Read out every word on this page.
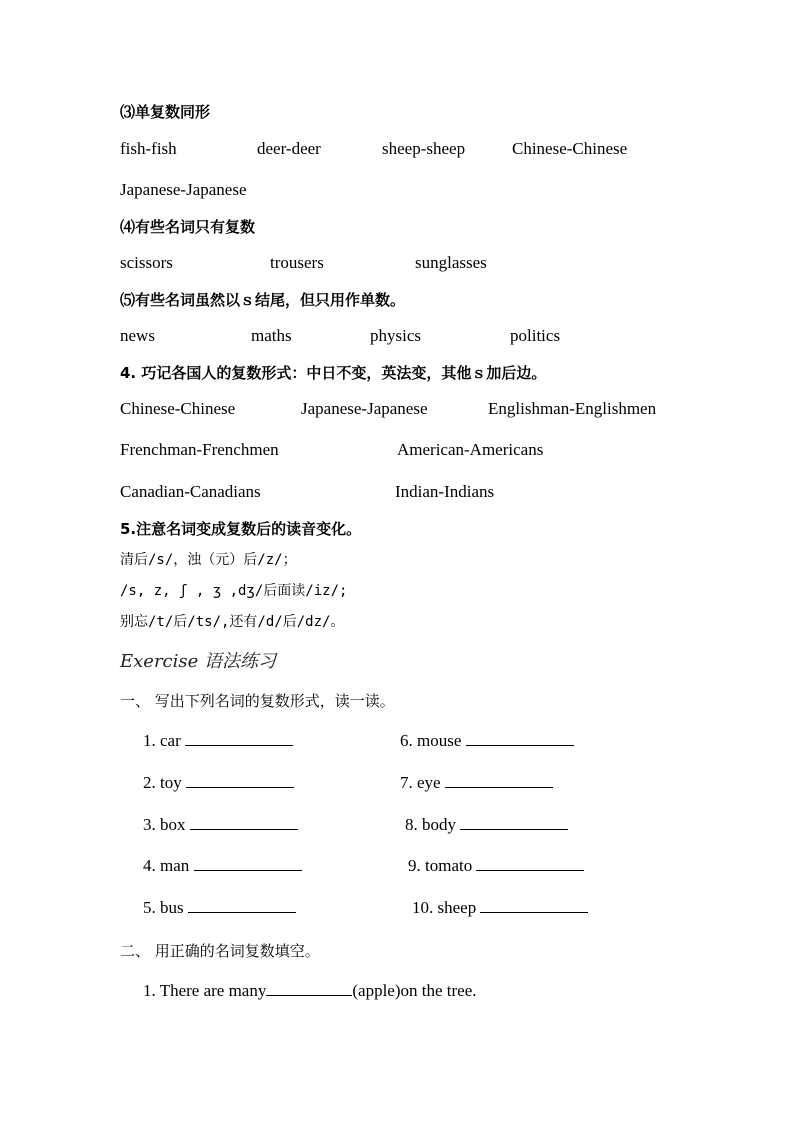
⑶单复数同形
fish-fish	deer-deer	sheep-sheep	Chinese-Chinese
Japanese-Japanese
⑷有些名词只有复数
scissors	trousers	sunglasses
⑸有些名词虽然以ｓ结尾，但只用作单数。
news	maths	physics	politics
4. 巧记各国人的复数形式：中日不变，英法变，其他ｓ加后边。
Chinese-Chinese	Japanese-Japanese	Englishman-Englishmen
Frenchman-Frenchmen	American-Americans
Canadian-Canadians	Indian-Indians
5.注意名词变成复数后的读音变化。
清后/s/，浊（元）后/z/；
/s, z, ʃ , ʒ ,dʒ/后面读/iz/;
别忘/t/后/ts/,还有/d/后/dz/。
Exercise 语法练习
一、 写出下列名词的复数形式，读一读。
1. car	6. mouse
2. toy	7. eye
3. box	8. body
4. man	9. tomato
5. bus	10. sheep
二、 用正确的名词复数填空。
1. There are many	(apple)on the tree.
